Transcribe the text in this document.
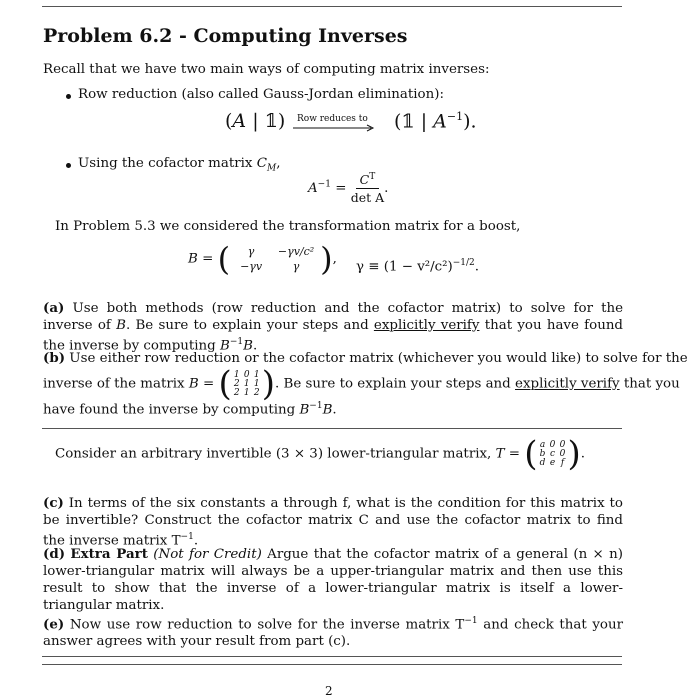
Problem 6.2 - Computing Inverses
Recall that we have two main ways of computing matrix inverses:
Row reduction (also called Gauss-Jordan elimination):
(A | 𝟙) Row reduces to (𝟙 | $A^{-1}$).
Using the cofactor matrix $C_M$,
$A^{-1} = \frac{C^T}{\text{det A}}$ .
In Problem 5.3 we considered the transformation matrix for a boost,
B = (	γ	−γv/c²
−γv	γ ) ,
$\gamma \equiv (1 - v^2/c^2)^{-1/2}$.
(a) Use both methods (row reduction and the cofactor matrix) to solve for the inverse of B. Be sure to explain your steps and explicitly verify that you have found the inverse by computing $B^{-1}B$.
(b) Use either row reduction or the cofactor matrix (whichever you would like) to solve for the
inverse of the matrix B = ( 1 0 1
2 1 1
2 1 2 ) . Be sure to explain your steps and explicitly verify that you
have found the inverse by computing $B^{-1}B$.
Consider an arbitrary invertible (3 × 3) lower-triangular matrix, T = ( a 0 0
b c 0
d e f ) .
(c) In terms of the six constants a through f, what is the condition for this matrix to be invertible? Construct the cofactor matrix C and use the cofactor matrix to find the inverse matrix $T^{-1}$.
(d) Extra Part (Not for Credit) Argue that the cofactor matrix of a general (n × n) lower-triangular matrix will always be a upper-triangular matrix and then use this result to show that the inverse of a lower-triangular matrix is itself a lower-triangular matrix.
(e) Now use row reduction to solve for the inverse matrix $T^{-1}$ and check that your answer agrees with your result from part (c).
2
